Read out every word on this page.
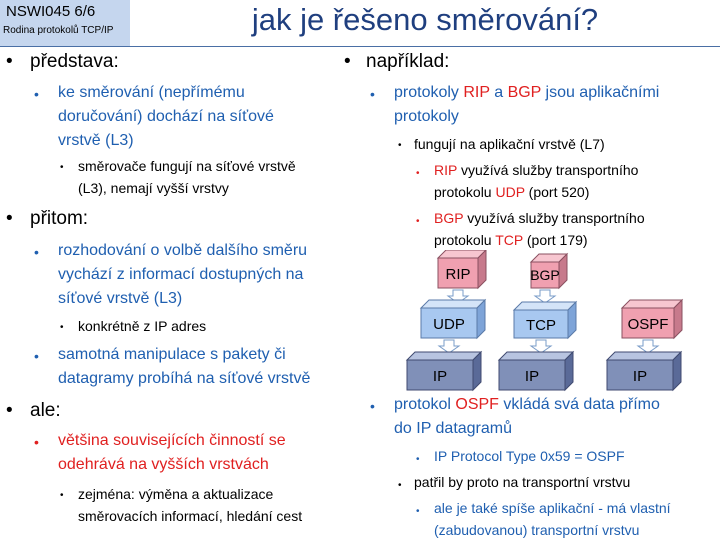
NSWI045 6/6
Rodina protokolů TCP/IP	jak je řešeno směrování?
• představa:
• ke směrování (nepřímému
doručování) dochází na síťové
vrstvě (L3)
• směrovače fungují na síťové vrstvě
(L3), nemají vyšší vrstvy
• přitom:
• rozhodování o volbě dalšího směru
vychází z informací dostupných na
síťové vrstvě (L3)
• konkrétně z IP adres
• samotná manipulace s pakety či
datagramy probíhá na síťové vrstvě
• ale:
• většina souvisejících činností se
odehrává na vyšších vrstvách
• zejména: výměna a aktualizace
směrovacích informací, hledání cest
• například:
• protokoly RIP a BGP jsou aplikačními
protokoly
• fungují na aplikační vrstvě (L7)
• RIP využívá služby transportního
protokolu UDP (port 520)
• BGP využívá služby transportního
protokolu TCP (port 179)
RIP	BGP
UDP	TCP	OSPF
IP	IP	IP
• protokol OSPF vkládá svá data přímo
do IP datagramů
• IP Protocol Type 0x59 = OSPF
• patřil by proto na transportní vrstvu
• ale je také spíše aplikační - má vlastní
(zabudovanou) transportní vrstvu
